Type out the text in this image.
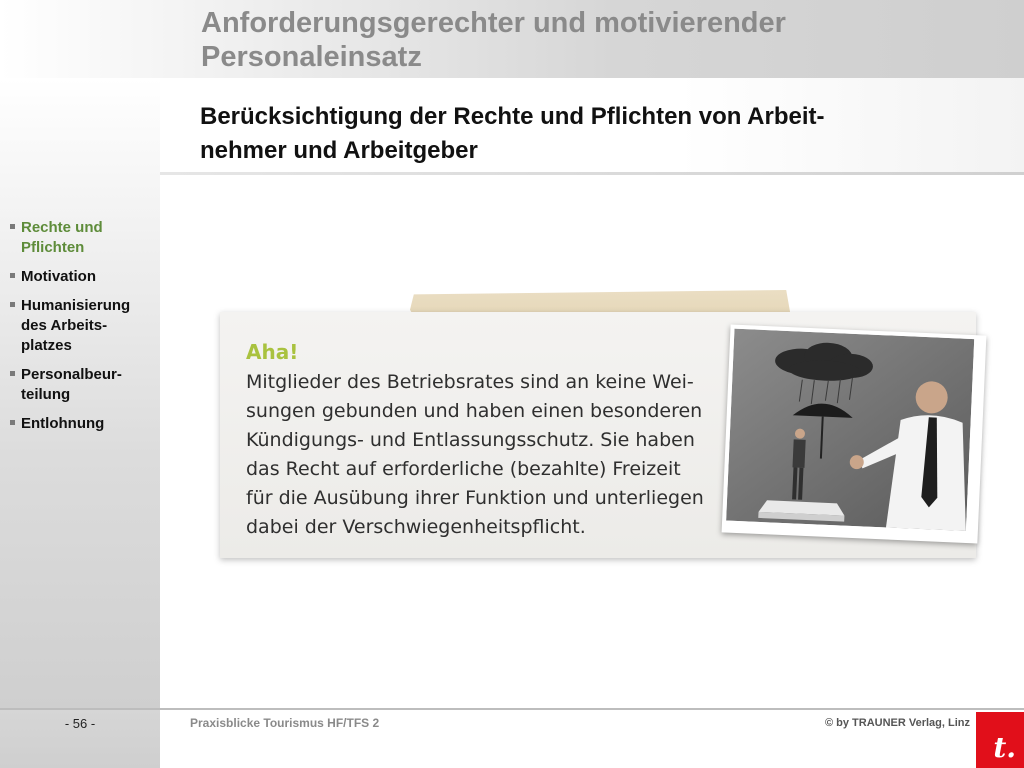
Anforderungsgerechter und motivierender Personaleinsatz
Berücksichtigung der Rechte und Pflichten von Arbeit-
nehmer und Arbeitgeber
Rechte und
Pflichten
Motivation
Humanisierung
des Arbeits-
platzes
Personalbeur-
teilung
Entlohnung

Aha!

Mitglieder des Betriebsrates sind an keine Wei-
sungen gebunden und haben einen besonderen
Kündigungs- und Entlassungsschutz. Sie haben
das Recht auf erforderliche (bezahlte) Freizeit
für die Ausübung ihrer Funktion und unterliegen
dabei der Verschwiegenheitspflicht.

- 56 -	Praxisblicke Tourismus HF/TFS 2	© by TRAUNER Verlag, Linz
t.
